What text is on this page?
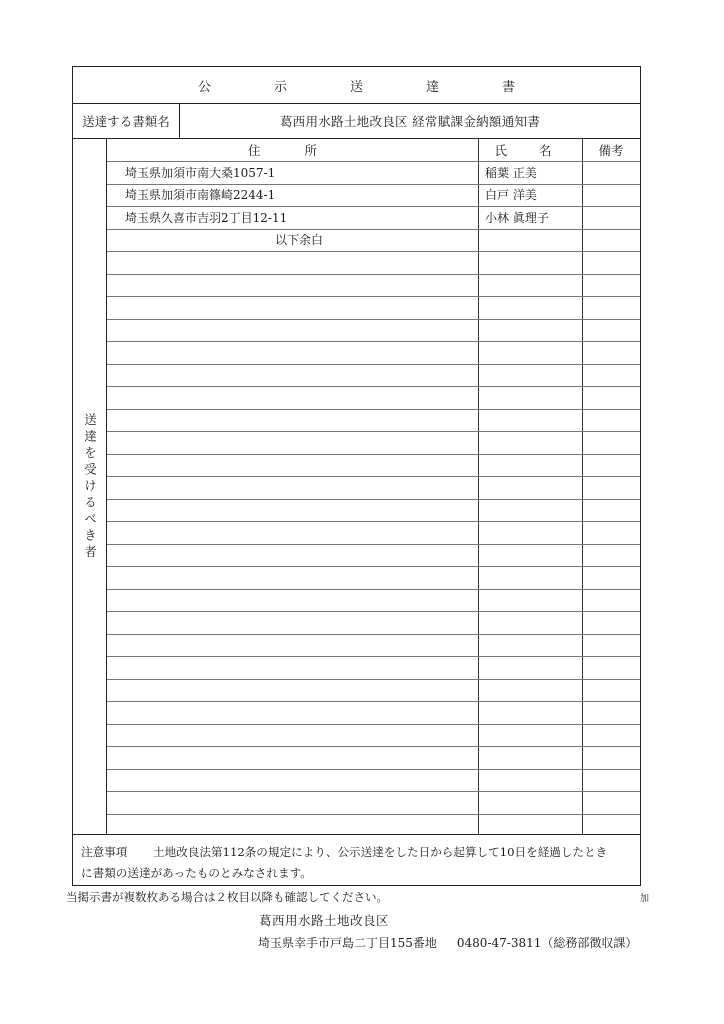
公	示	送	達	書
送達する書類名	葛西用水路土地改良区 経常賦課金納額通知書
送達を受けるべき者
住 所	氏 名	備考
埼玉県加須市南大桑1057-1	稲葉 正美
埼玉県加須市南篠崎2244-1	白戸 洋美
埼玉県久喜市吉羽2丁目12-11	小林 眞理子
以下余白
注意事項	土地改良法第112条の規定により、公示送達をした日から起算して10日を経過したとき
に書類の送達があったものとみなされます。
当掲示書が複数枚ある場合は２枚目以降も確認してください。	加
葛西用水路土地改良区
埼玉県幸手市戸島二丁目155番地 0480-47-3811（総務部徴収課）
